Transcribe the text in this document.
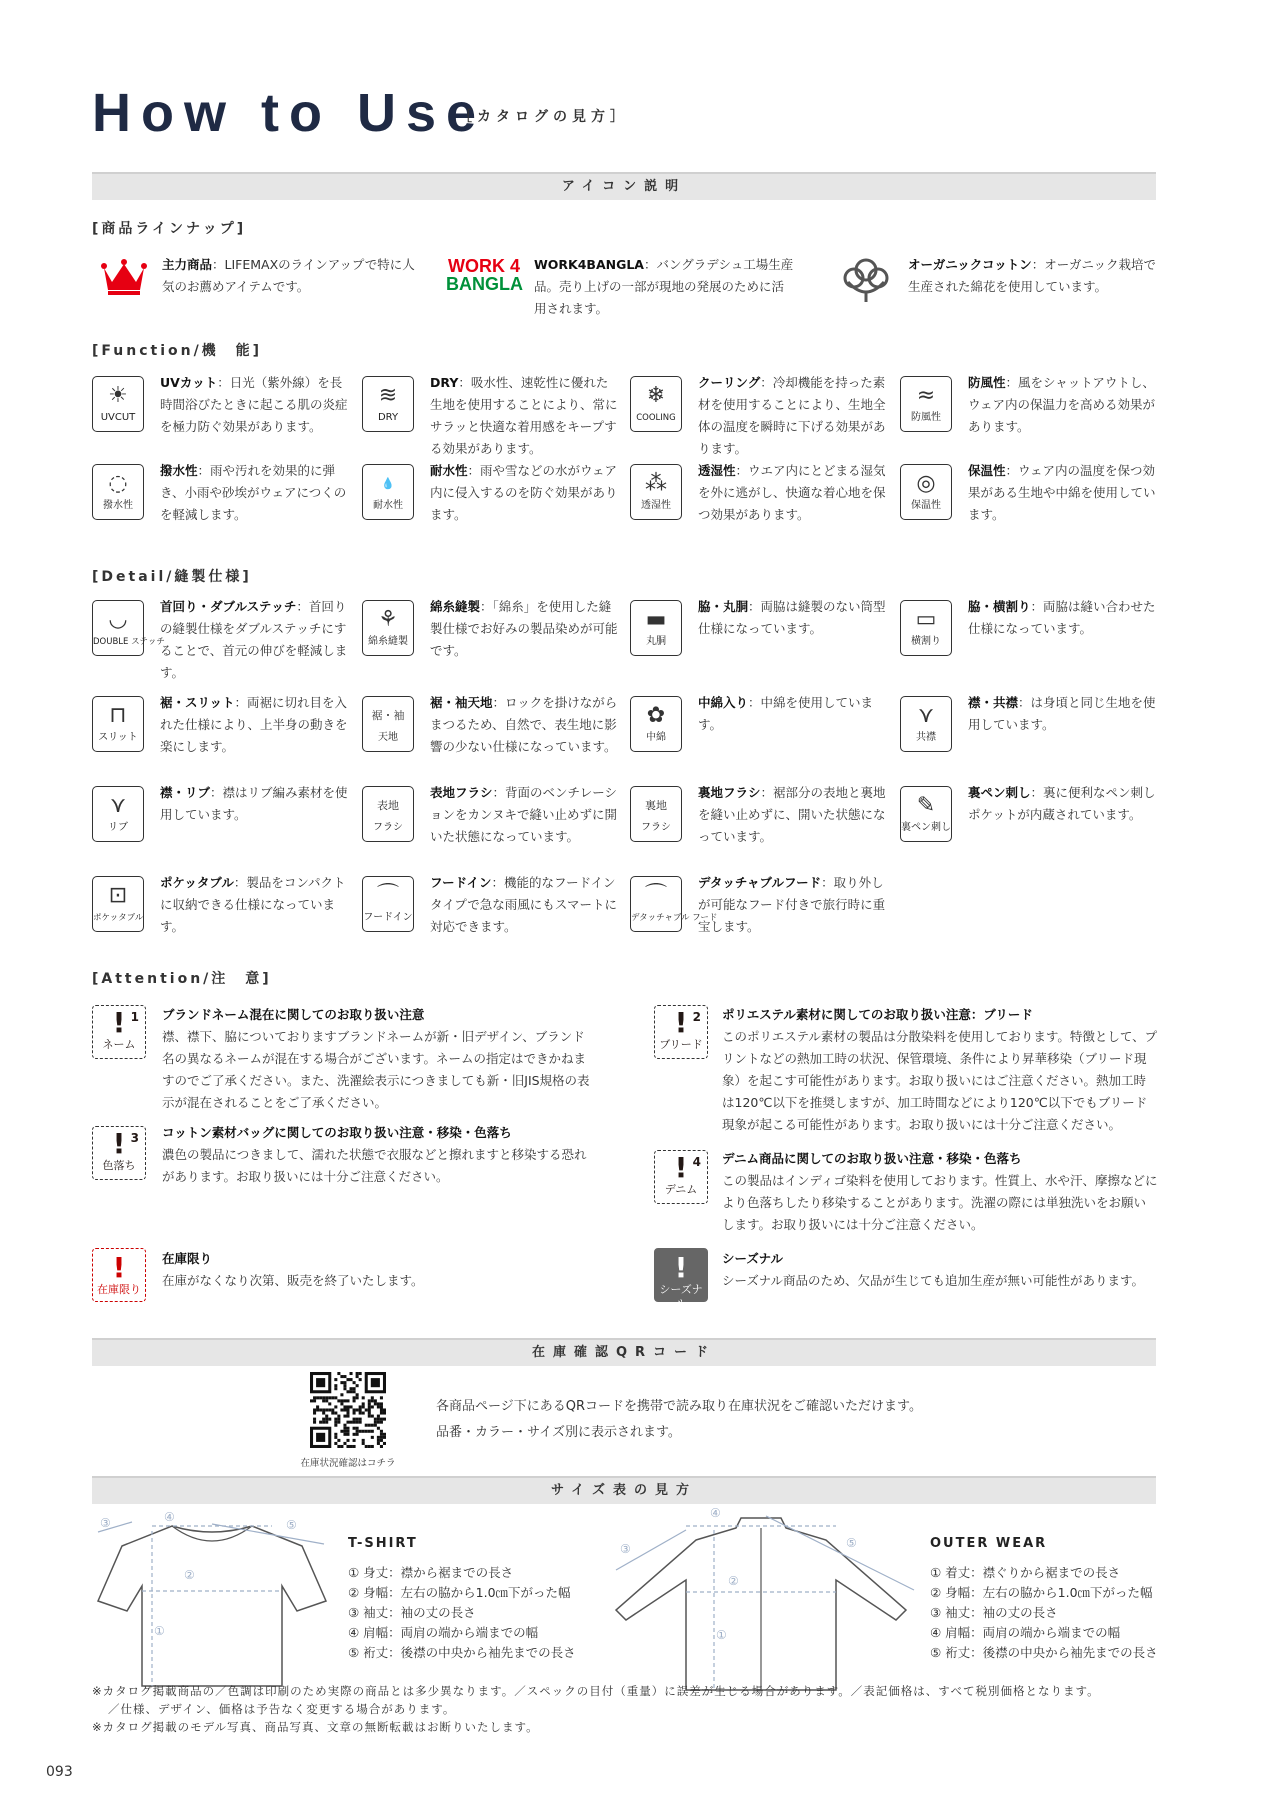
How to Use
［カタログの見方］
アイコン説明
[商品ラインナップ]
主力商品：LIFEMAXのラインアップで特に人気のお薦めアイテムです。
WORK 4
BANGLA
WORK4BANGLA：バングラデシュ工場生産品。売り上げの一部が現地の発展のために活用されます。
オーガニックコットン：オーガニック栽培で生産された綿花を使用しています。
[Function/機　能]
☀
UVCUT
UVカット：日光（紫外線）を長時間浴びたときに起こる肌の炎症を極力防ぐ効果があります。
≋
DRY
DRY：吸水性、速乾性に優れた生地を使用することにより、常にサラッと快適な着用感をキープする効果があります。
❄
COOLING
クーリング：冷却機能を持った素材を使用することにより、生地全体の温度を瞬時に下げる効果があります。
≈
防風性
防風性：風をシャットアウトし、ウェア内の保温力を高める効果があります。
◌
撥水性
撥水性：雨や汚れを効果的に弾き、小雨や砂埃がウェアにつくのを軽減します。
💧
耐水性
耐水性：雨や雪などの水がウェア内に侵入するのを防ぐ効果があります。
⁂
透湿性
透湿性：ウエア内にとどまる湿気を外に逃がし、快適な着心地を保つ効果があります。
◎
保温性
保温性：ウェア内の温度を保つ効果がある生地や中綿を使用しています。
[Detail/縫製仕様]
◡
DOUBLE ステッチ
首回り・ダブルステッチ：首回りの縫製仕様をダブルステッチにすることで、首元の伸びを軽減します。
⚘
綿糸縫製
綿糸縫製：「綿糸」を使用した縫製仕様でお好みの製品染めが可能です。
▬
丸胴
脇・丸胴：両脇は縫製のない筒型仕様になっています。	▭
横割り
脇・横割り：両脇は縫い合わせた仕様になっています。
⊓
スリット
裾・スリット：両裾に切れ目を入れた仕様により、上半身の動きを楽にします。
裾・袖
天地
裾・袖天地：ロックを掛けながらまつるため、自然で、表生地に影響の少ない仕様になっています。
✿
中綿
中綿入り：中綿を使用しています。	⋎
共襟
襟・共襟：は身頃と同じ生地を使用しています。
⋎
リブ
襟・リブ：襟はリブ編み素材を使用しています。
表地
フラシ
表地フラシ：背面のベンチレーションをカンヌキで縫い止めずに開いた状態になっています。
裏地
フラシ
裏地フラシ：裾部分の表地と裏地を縫い止めずに、開いた状態になっています。
✎
裏ペン刺し
裏ペン刺し：裏に便利なペン刺しポケットが内蔵されています。
⊡
ポケッタブル
ポケッタブル：製品をコンパクトに収納できる仕様になっています。
⌒
フードイン
フードイン：機能的なフードインタイプで急な雨風にもスマートに対応できます。
⌒
デタッチャブル フード
デタッチャブルフード：取り外しが可能なフード付きで旅行時に重宝します。
[Attention/注　意]
1
!
ネーム
ブランドネーム混在に関してのお取り扱い注意
襟、襟下、脇についておりますブランドネームが新・旧デザイン、ブランド名の異なるネームが混在する場合がございます。ネームの指定はできかねますのでご了承ください。また、洗濯絵表示につきましても新・旧JIS規格の表示が混在されることをご了承ください。
3
!
色落ち
コットン素材バッグに関してのお取り扱い注意・移染・色落ち
濃色の製品につきまして、濡れた状態で衣服などと擦れますと移染する恐れがあります。お取り扱いには十分ご注意ください。
!
在庫限り
在庫限り
在庫がなくなり次第、販売を終了いたします。
2
!
ブリード
ポリエステル素材に関してのお取り扱い注意：ブリード
このポリエステル素材の製品は分散染料を使用しております。特徴として、プリントなどの熱加工時の状況、保管環境、条件により昇華移染（ブリード現象）を起こす可能性があります。お取り扱いにはご注意ください。熱加工時は120℃以下を推奨しますが、加工時間などにより120℃以下でもブリード現象が起こる可能性があります。お取り扱いには十分ご注意ください。
4
!
デニム
デニム商品に関してのお取り扱い注意・移染・色落ち
この製品はインディゴ染料を使用しております。性質上、水や汗、摩擦などにより色落ちしたり移染することがあります。洗濯の際には単独洗いをお願いします。お取り扱いには十分ご注意ください。
!
シーズナル
シーズナル
シーズナル商品のため、欠品が生じても追加生産が無い可能性があります。
在庫確認QRコード
在庫状況確認はコチラ
各商品ページ下にあるQRコードを携帯で読み取り在庫状況をご確認いただけます。
品番・カラー・サイズ別に表示されます。
サイズ表の見方
③	④
⑤
②
①
T-SHIRT
① 身丈：襟から裾までの長さ
② 身幅：左右の脇から1.0㎝下がった幅
③ 袖丈：袖の丈の長さ
④ 肩幅：両肩の端から端までの幅
⑤ 裄丈：後襟の中央から袖先までの長さ
③
④
⑤
②
①
OUTER WEAR
① 着丈：襟ぐりから裾までの長さ
② 身幅：左右の脇から1.0㎝下がった幅
③ 袖丈：袖の丈の長さ
④ 肩幅：両肩の端から端までの幅
⑤ 裄丈：後襟の中央から袖先までの長さ
※カタログ掲載商品の／色調は印刷のため実際の商品とは多少異なります。／スペックの目付（重量）に誤差が生じる場合があります。／表記価格は、すべて税別価格となります。
／仕様、デザイン、価格は予告なく変更する場合があります。
※カタログ掲載のモデル写真、商品写真、文章の無断転載はお断りいたします。
093
